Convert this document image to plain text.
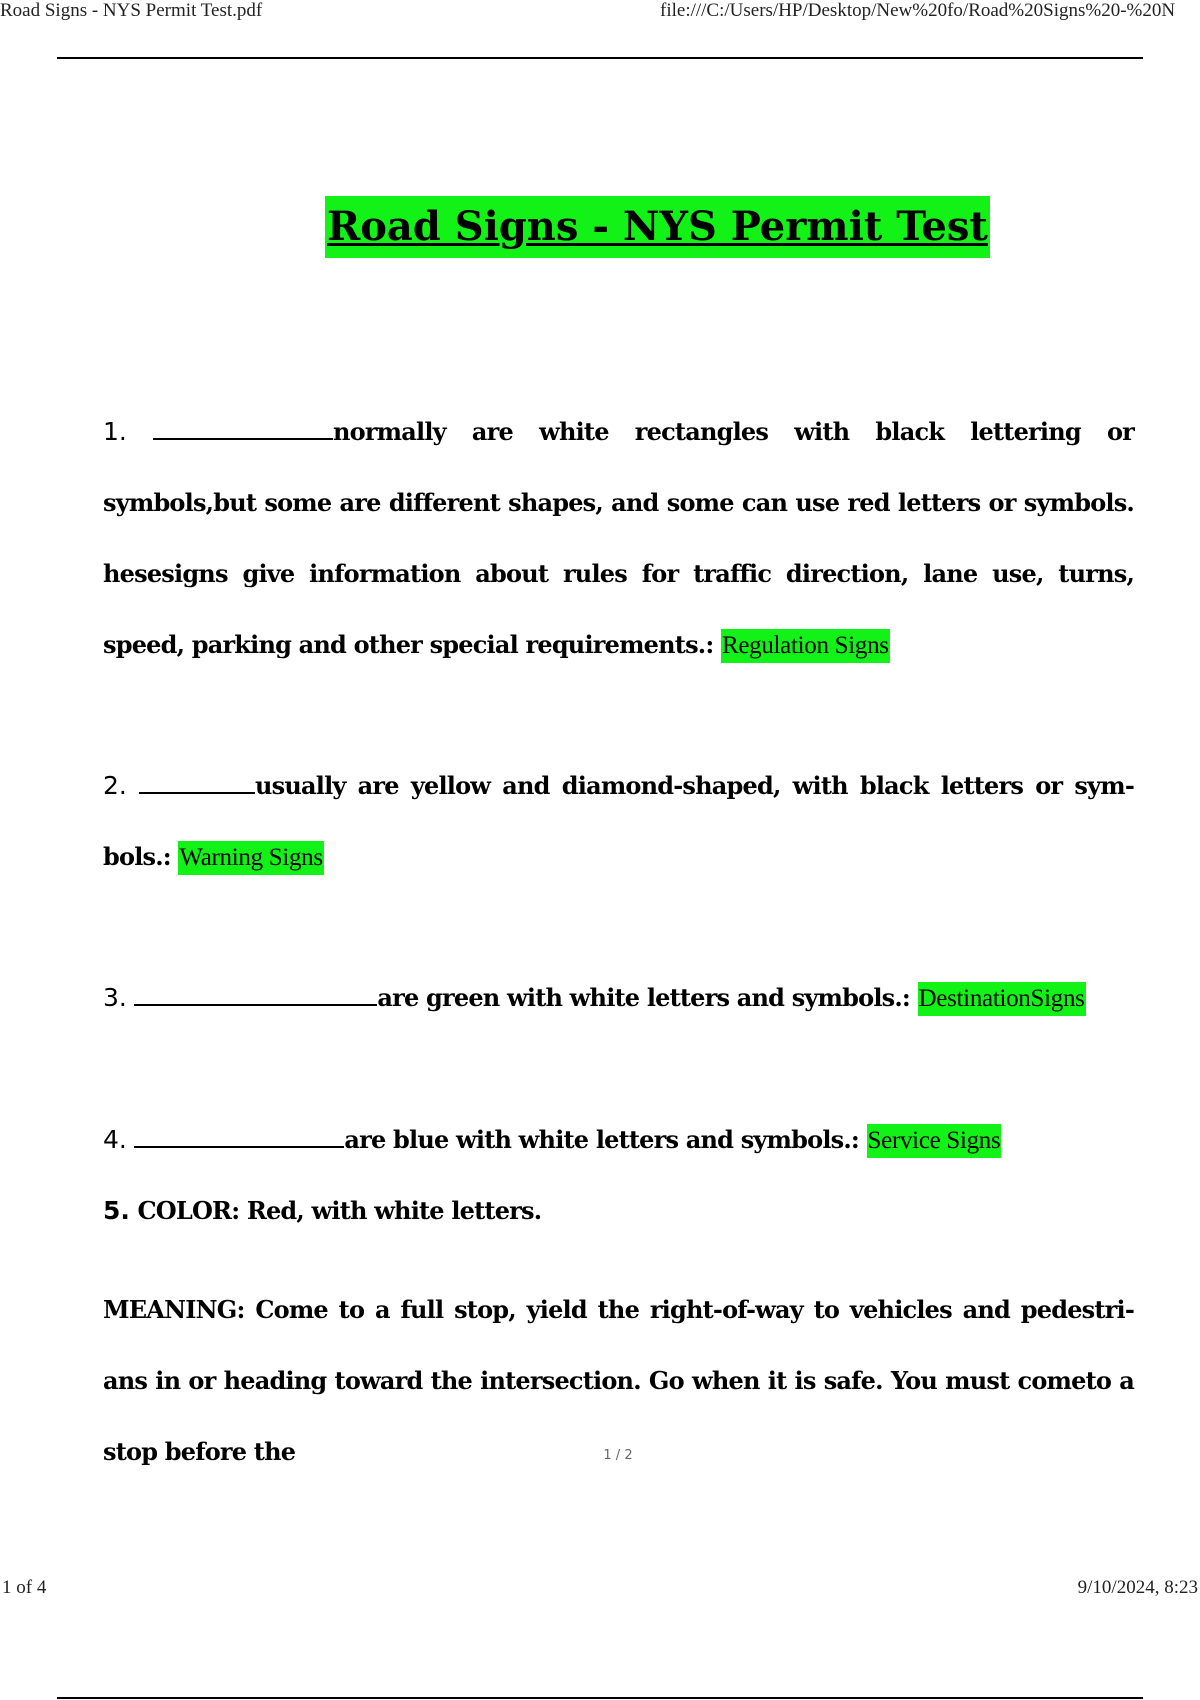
Road Signs - NYS Permit Test.pdf	file:///C:/Users/HP/Desktop/New%20fo/Road%20Signs%20-%20N
Road Signs - NYS Permit Test
1.	normally are white rectangles with black lettering or symbols,but some are different shapes, and some can use red letters or symbols. hesesigns give information about rules for traffic direction, lane use, turns, speed, parking and other special requirements.: Regulation Signs
2.	usually are yellow and diamond-shaped, with black letters or sym- bols.: Warning Signs
3.	are green with white letters and symbols.: DestinationSigns
4.	are blue with white letters and symbols.: Service Signs
5. COLOR: Red, with white letters.
MEANING: Come to a full stop, yield the right-of-way to vehicles and pedestri- ans in or heading toward the intersection. Go when it is safe. You must cometo a stop before the	1 / 2
1 of 4	9/10/2024, 8:23
